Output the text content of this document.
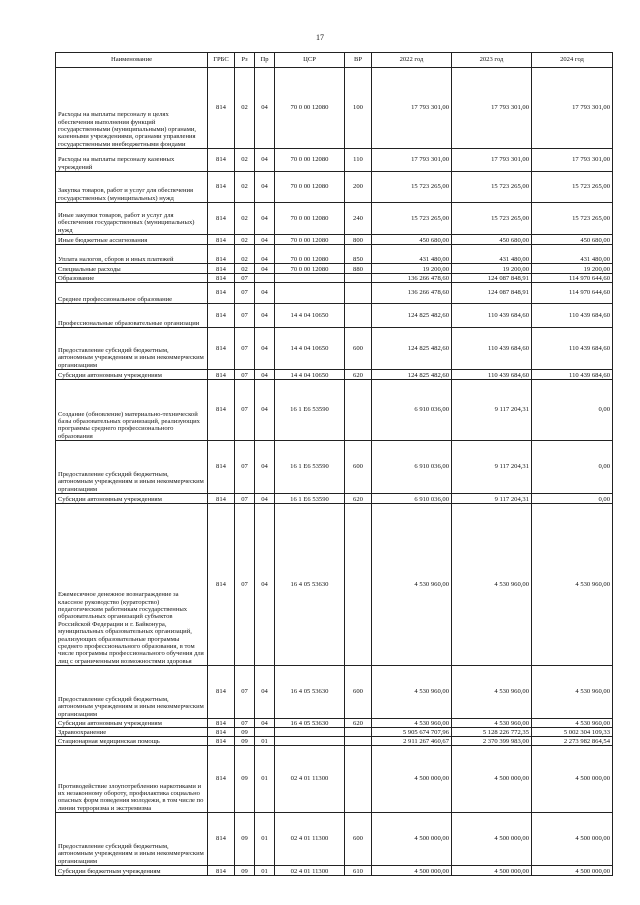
17
Наименование	ГРБС	Рз	Пр	ЦСР	ВР	2022 год	2023 год	2024 год
Расходы на выплаты персоналу в целях обеспечения выполнения функций государственными (муниципальными) органами, казенными учреждениями, органами управления государственными внебюджетными фондами	814	02	04	70 0 00 12080	100	17 793 301,00	17 793 301,00	17 793 301,00
Расходы на выплаты персоналу казенных учреждений	814	02	04	70 0 00 12080	110	17 793 301,00	17 793 301,00	17 793 301,00
Закупка товаров, работ и услуг для обеспечения государственных (муниципальных) нужд	814	02	04	70 0 00 12080	200	15 723 265,00	15 723 265,00	15 723 265,00
Иные закупки товаров, работ и услуг для обеспечения государственных (муниципальных) нужд	814	02	04	70 0 00 12080	240	15 723 265,00	15 723 265,00	15 723 265,00
Иные бюджетные ассигнования	814	02	04	70 0 00 12080	800	450 680,00	450 680,00	450 680,00
Уплата налогов, сборов и иных платежей	814	02	04	70 0 00 12080	850	431 480,00	431 480,00	431 480,00
Специальные расходы	814	02	04	70 0 00 12080	880	19 200,00	19 200,00	19 200,00
Образование	814	07				136 266 478,60	124 087 848,91	114 970 644,60
Среднее профессиональное образование	814	07	04			136 266 478,60	124 087 848,91	114 970 644,60
Профессиональные образовательные организации	814	07	04	14 4 04 10650		124 825 482,60	110 439 684,60	110 439 684,60
Предоставление субсидий бюджетным, автономным учреждениям и иным некоммерческим организациям	814	07	04	14 4 04 10650	600	124 825 482,60	110 439 684,60	110 439 684,60
Субсидии автономным учреждениям	814	07	04	14 4 04 10650	620	124 825 482,60	110 439 684,60	110 439 684,60
Создание (обновление) материально-технической базы образовательных организаций, реализующих программы среднего профессионального образования	814	07	04	16 1 Е6 53590		6 910 036,00	9 117 204,31	0,00
Предоставление субсидий бюджетным, автономным учреждениям и иным некоммерческим организациям	814	07	04	16 1 Е6 53590	600	6 910 036,00	9 117 204,31	0,00
Субсидии автономным учреждениям	814	07	04	16 1 Е6 53590	620	6 910 036,00	9 117 204,31	0,00
Ежемесячное денежное вознаграждение за классное руководство (кураторство) педагогическим работникам государственных образовательных организаций субъектов Российской Федерации и г. Байконура, муниципальных образовательных организаций, реализующих образовательные программы среднего профессионального образования, в том числе программы профессионального обучения для лиц с ограниченными возможностями здоровья	814	07	04	16 4 05 53630		4 530 960,00	4 530 960,00	4 530 960,00
Предоставление субсидий бюджетным, автономным учреждениям и иным некоммерческим организациям	814	07	04	16 4 05 53630	600	4 530 960,00	4 530 960,00	4 530 960,00
Субсидии автономным учреждениям	814	07	04	16 4 05 53630	620	4 530 960,00	4 530 960,00	4 530 960,00
Здравоохранение	814	09				5 905 674 707,96	5 128 226 772,35	5 002 304 109,33
Стационарная медицинская помощь	814	09	01			2 911 267 460,67	2 370 399 983,00	2 273 982 864,54
Противодействие злоупотреблению наркотиками и их незаконному обороту, профилактика социально опасных форм поведения молодежи, в том числе по линии терроризма и экстремизма	814	09	01	02 4 01 11300		4 500 000,00	4 500 000,00	4 500 000,00
Предоставление субсидий бюджетным, автономным учреждениям и иным некоммерческим организациям	814	09	01	02 4 01 11300	600	4 500 000,00	4 500 000,00	4 500 000,00
Субсидии бюджетным учреждениям	814	09	01	02 4 01 11300	610	4 500 000,00	4 500 000,00	4 500 000,00
